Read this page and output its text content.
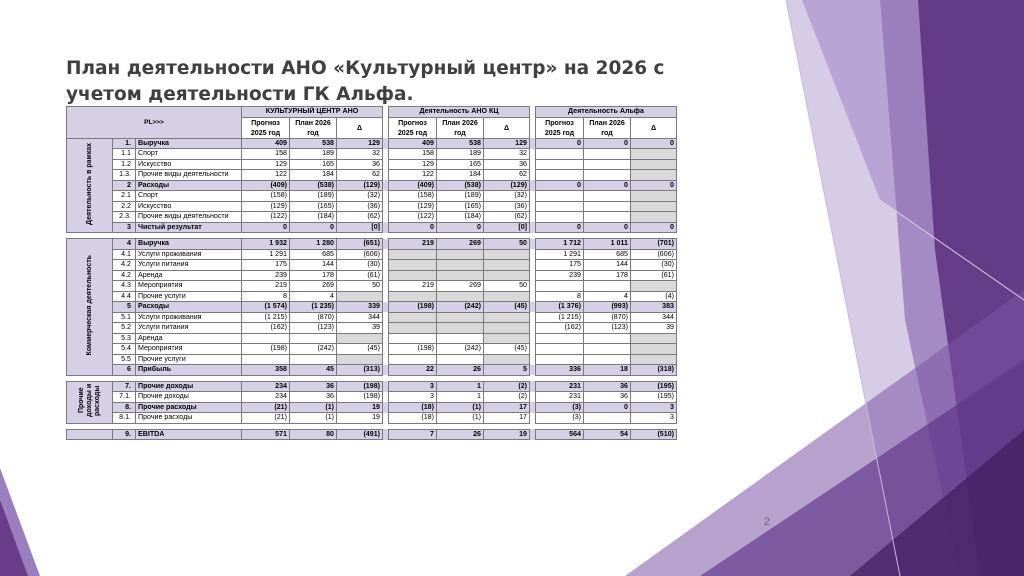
План деятельности АНО «Культурный центр» на 2026 с учетом деятельности ГК Альфа.
2
PL>>>			КУЛЬТУРНЫЙ ЦЕНТР АНО				Деятельность АНО КЦ				Деятельность Альфа		
			Прогноз 2025 год	План 2026 год	Δ		Прогноз 2025 год	План 2026 год	Δ		Прогноз 2025 год	План 2026 год	Δ
Деятельность в рамках	1.	Выручка	409	538	129		409	538	129		0	0	0
	1.1	Спорт	158	189	32		158	189	32				
	1.2	Искусство	129	165	36		129	165	36				
	1.3.	Прочие виды деятельности	122	184	62		122	184	62				
	2	Расходы	(409)	(538)	(129)		(409)	(538)	(129)		0	0	0
	2.1	Спорт	(158)	(189)	(32)		(158)	(189)	(32)				
	2.2	Искусство	(129)	(165)	(36)		(129)	(165)	(36)				
	2.3.	Прочие виды деятельности	(122)	(184)	(62)		(122)	(184)	(62)				
	3	Чистый результат	0	0	[0]		0	0	[0]		0	0	0

Коммерческая деятельность	4	Выручка	1 932	1 280	(651)		219	269	50		1 712	1 011	(701)
	4.1	Услуги проживания	1 291	685	(606)						1 291	685	(606)
	4.2	Услуги питания	175	144	(30)						175	144	(30)
	4.2	Аренда	239	178	(61)						239	178	(61)
	4.3	Мероприятия	219	269	50		219	269	50				
	4.4	Прочие услуги	8	4							8	4	(4)
	5	Расходы	(1 574)	(1 235)	339		(198)	(242)	(45)		(1 376)	(993)	383
	5.1	Услуги проживания	(1 215)	(870)	344						(1 215)	(870)	344
	5.2	Услуги питания	(162)	(123)	39						(162)	(123)	39
	5.3	Аренда											
	5.4	Мероприятия	(198)	(242)	(45)		(198)	(242)	(45)				
	5.5	Прочие услуги											
	6	Прибыль	358	45	(313)		22	26	5		336	18	(318)

Прочие доходы и расходы	7.	Прочие доходы	234	36	(198)		3	1	(2)		231	36	(195)
	7.1.	Прочие доходы	234	36	(198)		3	1	(2)		231	36	(195)
	8.	Прочие расходы	(21)	(1)	19		(18)	(1)	17		(3)	0	3
	8.1.	Прочие расходы	(21)	(1)	19		(18)	(1)	17		(3)		3

	9.	EBITDA	571	80	(491)		7	26	19		564	54	(510)
